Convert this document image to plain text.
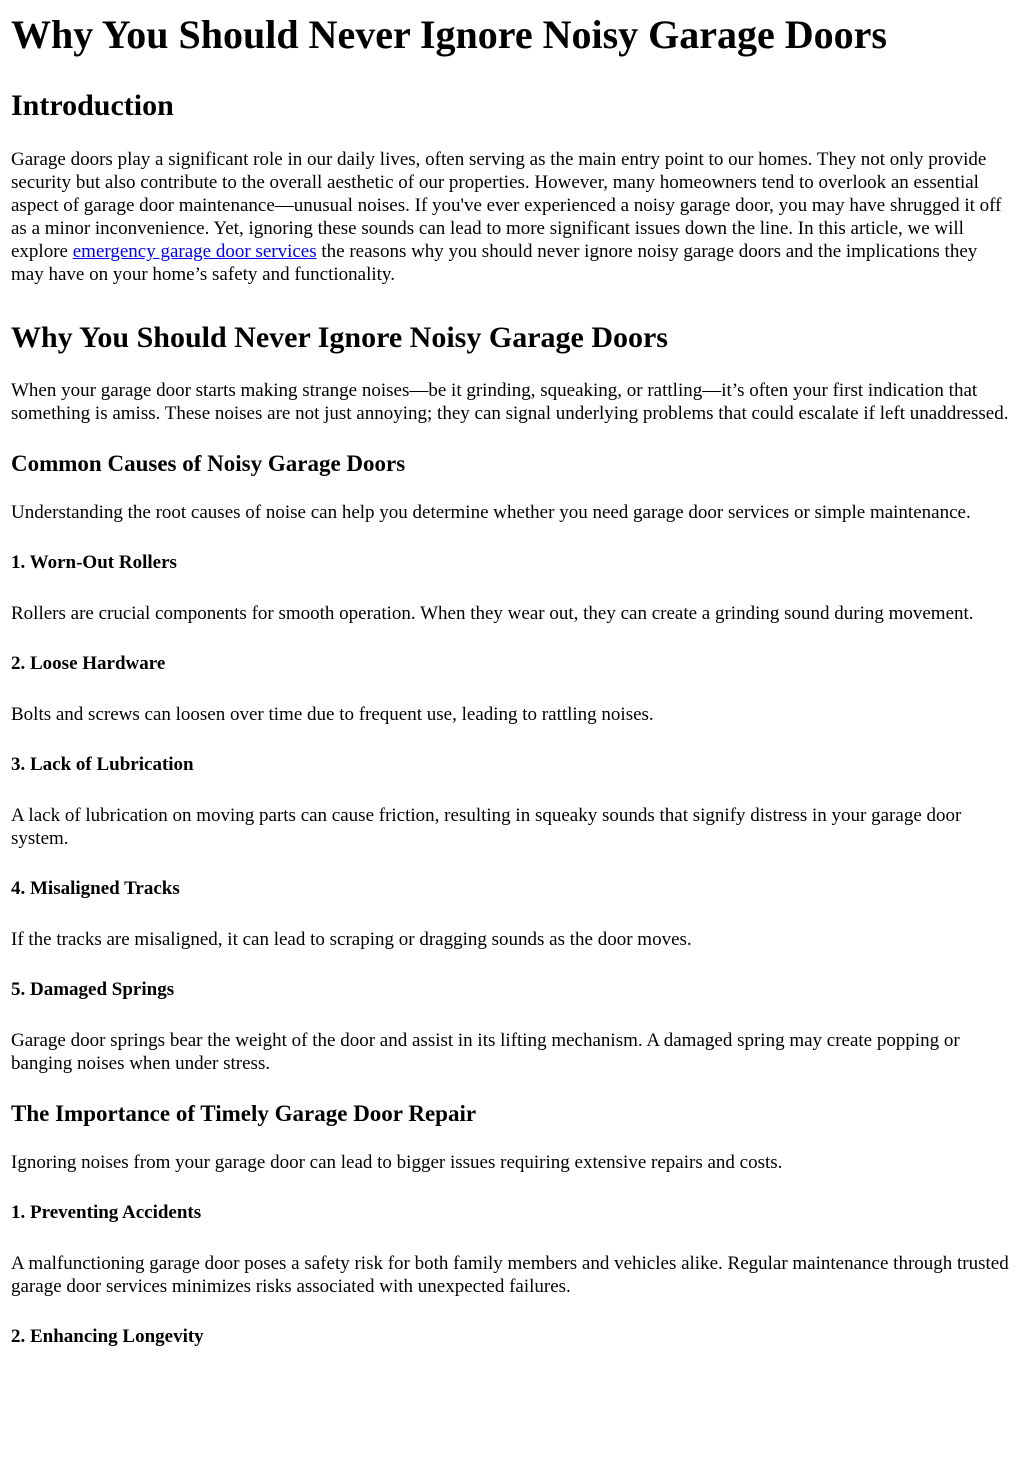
Why You Should Never Ignore Noisy Garage Doors
Introduction

Garage doors play a significant role in our daily lives, often serving as the main entry point to our homes. They not only provide security but also contribute to the overall aesthetic of our properties. However, many homeowners tend to overlook an essential aspect of garage door maintenance—unusual noises. If you've ever experienced a noisy garage door, you may have shrugged it off as a minor inconvenience. Yet, ignoring these sounds can lead to more significant issues down the line. In this article, we will explore emergency garage door services the reasons why you should never ignore noisy garage doors and the implications they may have on your home’s safety and functionality.

Why You Should Never Ignore Noisy Garage Doors

When your garage door starts making strange noises—be it grinding, squeaking, or rattling—it’s often your first indication that something is amiss. These noises are not just annoying; they can signal underlying problems that could escalate if left unaddressed.

Common Causes of Noisy Garage Doors

Understanding the root causes of noise can help you determine whether you need garage door services or simple maintenance.

1. Worn-Out Rollers

Rollers are crucial components for smooth operation. When they wear out, they can create a grinding sound during movement.

2. Loose Hardware

Bolts and screws can loosen over time due to frequent use, leading to rattling noises.

3. Lack of Lubrication

A lack of lubrication on moving parts can cause friction, resulting in squeaky sounds that signify distress in your garage door system.

4. Misaligned Tracks

If the tracks are misaligned, it can lead to scraping or dragging sounds as the door moves.

5. Damaged Springs

Garage door springs bear the weight of the door and assist in its lifting mechanism. A damaged spring may create popping or banging noises when under stress.

The Importance of Timely Garage Door Repair

Ignoring noises from your garage door can lead to bigger issues requiring extensive repairs and costs.

1. Preventing Accidents

A malfunctioning garage door poses a safety risk for both family members and vehicles alike. Regular maintenance through trusted garage door services minimizes risks associated with unexpected failures.

2. Enhancing Longevity
